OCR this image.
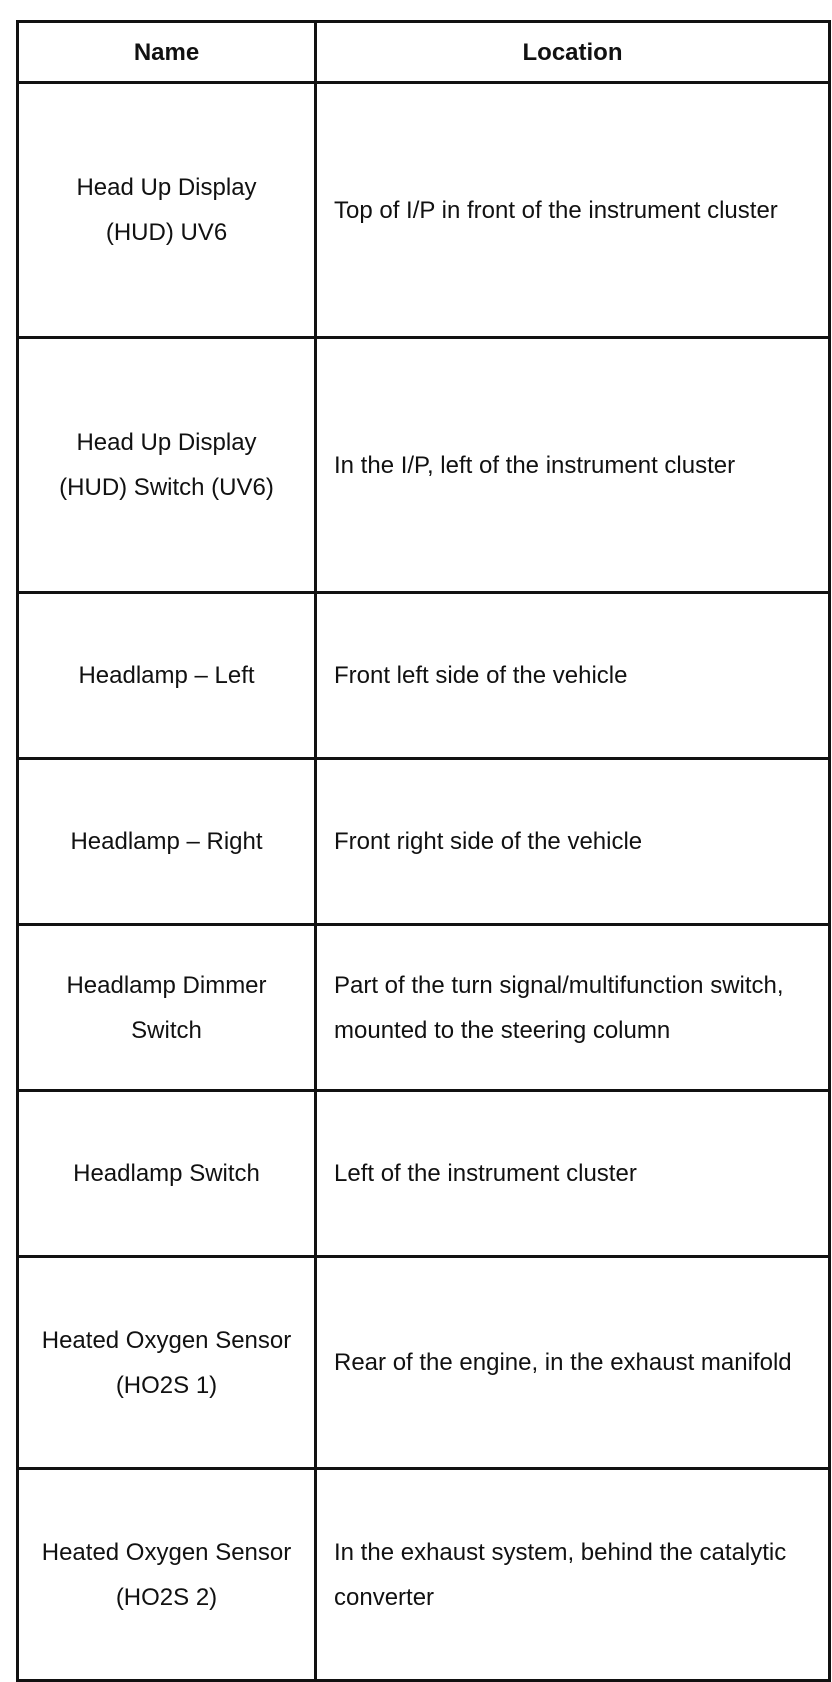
Name	Location
Head Up Display (HUD) UV6	Top of I/P in front of the instrument cluster
Head Up Display (HUD) Switch (UV6)	In the I/P, left of the instrument cluster
Headlamp – Left	Front left side of the vehicle
Headlamp – Right	Front right side of the vehicle
Headlamp Dimmer Switch	Part of the turn signal/multifunction switch, mounted to the steering column
Headlamp Switch	Left of the instrument cluster
Heated Oxygen Sensor (HO2S 1)	Rear of the engine, in the exhaust manifold
Heated Oxygen Sensor (HO2S 2)	In the exhaust system, behind the catalytic converter
